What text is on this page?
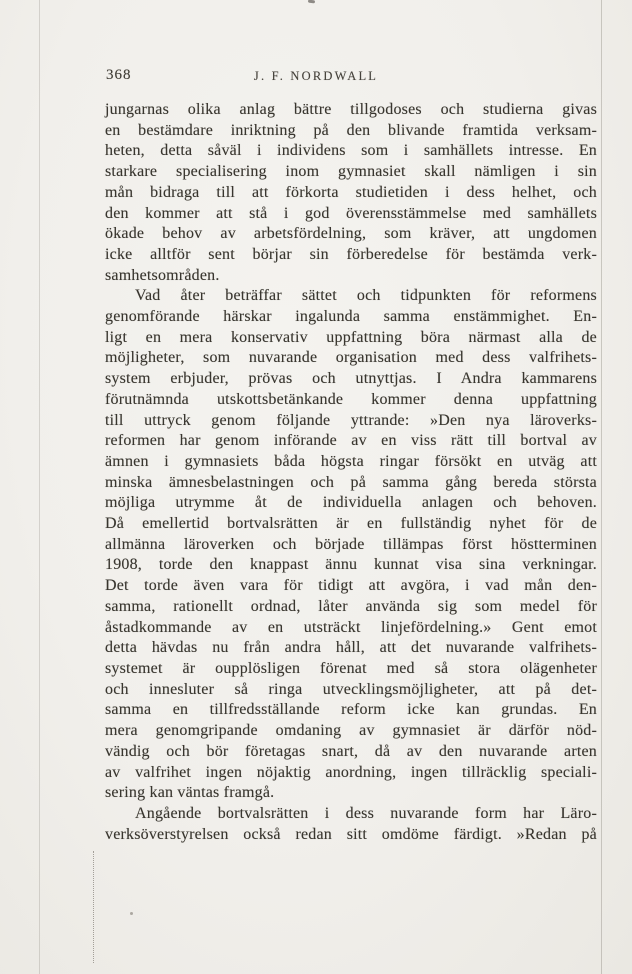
368	J. F. NORDWALL

jungarnas olika anlag bättre tillgodoses och studierna givas
en bestämdare inriktning på den blivande framtida verksam-
heten, detta såväl i individens som i samhällets intresse. En
starkare specialisering inom gymnasiet skall nämligen i sin
mån bidraga till att förkorta studietiden i dess helhet, och
den kommer att stå i god överensstämmelse med samhällets
ökade behov av arbetsfördelning, som kräver, att ungdomen
icke alltför sent börjar sin förberedelse för bestämda verk-
samhetsområden.

Vad åter beträffar sättet och tidpunkten för reformens
genomförande härskar ingalunda samma enstämmighet. En-
ligt en mera konservativ uppfattning böra närmast alla de
möjligheter, som nuvarande organisation med dess valfrihets-
system erbjuder, prövas och utnyttjas. I Andra kammarens
förutnämnda utskottsbetänkande kommer denna uppfattning
till uttryck genom följande yttrande: »Den nya läroverks-
reformen har genom införande av en viss rätt till bortval av
ämnen i gymnasiets båda högsta ringar försökt en utväg att
minska ämnesbelastningen och på samma gång bereda största
möjliga utrymme åt de individuella anlagen och behoven.
Då emellertid bortvalsrätten är en fullständig nyhet för de
allmänna läroverken och började tillämpas först höstterminen
1908, torde den knappast ännu kunnat visa sina verkningar.
Det torde även vara för tidigt att avgöra, i vad mån den-
samma, rationellt ordnad, låter använda sig som medel för
åstadkommande av en utsträckt linjefördelning.» Gent emot
detta hävdas nu från andra håll, att det nuvarande valfrihets-
systemet är oupplösligen förenat med så stora olägenheter
och innesluter så ringa utvecklingsmöjligheter, att på det-
samma en tillfredsställande reform icke kan grundas. En
mera genomgripande omdaning av gymnasiet är därför nöd-
vändig och bör företagas snart, då av den nuvarande arten
av valfrihet ingen nöjaktig anordning, ingen tillräcklig speciali-
sering kan väntas framgå.

Angående bortvalsrätten i dess nuvarande form har Läro-
verksöverstyrelsen också redan sitt omdöme färdigt. »Redan på
